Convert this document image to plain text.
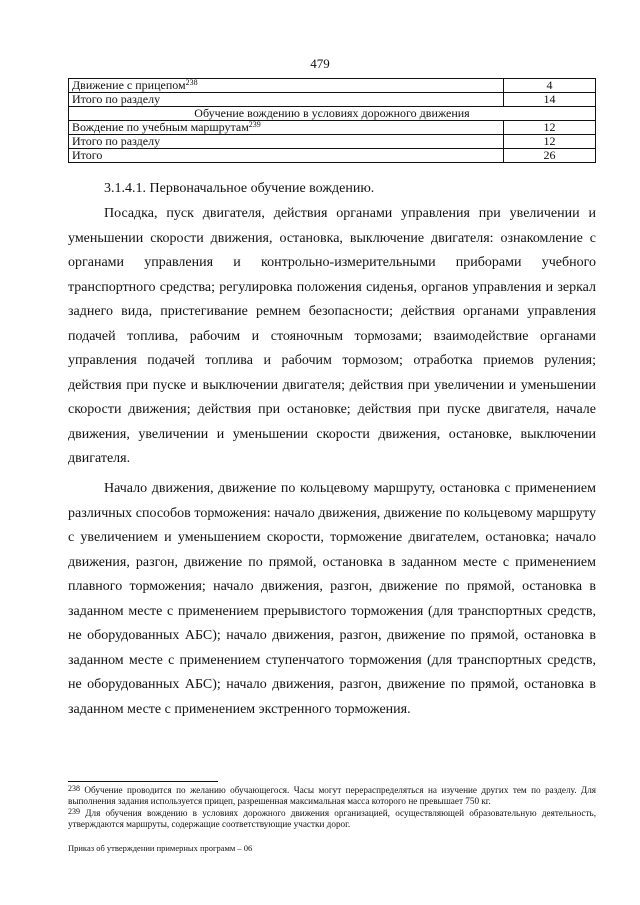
479
Движение с прицепом$^{238}$	4
Итого по разделу	14
Обучение вождению в условиях дорожного движения	
Вождение по учебным маршрутам$^{239}$	12
Итого по разделу	12
Итого	26
3.1.4.1. Первоначальное обучение вождению.

Посадка, пуск двигателя, действия органами управления при увеличении и уменьшении скорости движения, остановка, выключение двигателя: ознакомление с органами управления и контрольно-измерительными приборами учебного транспортного средства; регулировка положения сиденья, органов управления и зеркал заднего вида, пристегивание ремнем безопасности; действия органами управления подачей топлива, рабочим и стояночным тормозами; взаимодействие органами управления подачей топлива и рабочим тормозом; отработка приемов руления; действия при пуске и выключении двигателя; действия при увеличении и уменьшении скорости движения; действия при остановке; действия при пуске двигателя, начале движения, увеличении и уменьшении скорости движения, остановке, выключении двигателя.

Начало движения, движение по кольцевому маршруту, остановка с применением различных способов торможения: начало движения, движение по кольцевому маршруту с увеличением и уменьшением скорости, торможение двигателем, остановка; начало движения, разгон, движение по прямой, остановка в заданном месте с применением плавного торможения; начало движения, разгон, движение по прямой, остановка в заданном месте с применением прерывистого торможения (для транспортных средств, не оборудованных АБС); начало движения, разгон, движение по прямой, остановка в заданном месте с применением ступенчатого торможения (для транспортных средств, не оборудованных АБС); начало движения, разгон, движение по прямой, остановка в заданном месте с применением экстренного торможения.

$^{238}$ Обучение проводится по желанию обучающегося. Часы могут перераспределяться на изучение других тем по разделу. Для выполнения задания используется прицеп, разрешенная максимальная масса которого не превышает 750 кг.

$^{239}$ Для обучения вождению в условиях дорожного движения организацией, осуществляющей образовательную деятельность, утверждаются маршруты, содержащие соответствующие участки дорог.

Приказ об утверждении примерных программ – 06
